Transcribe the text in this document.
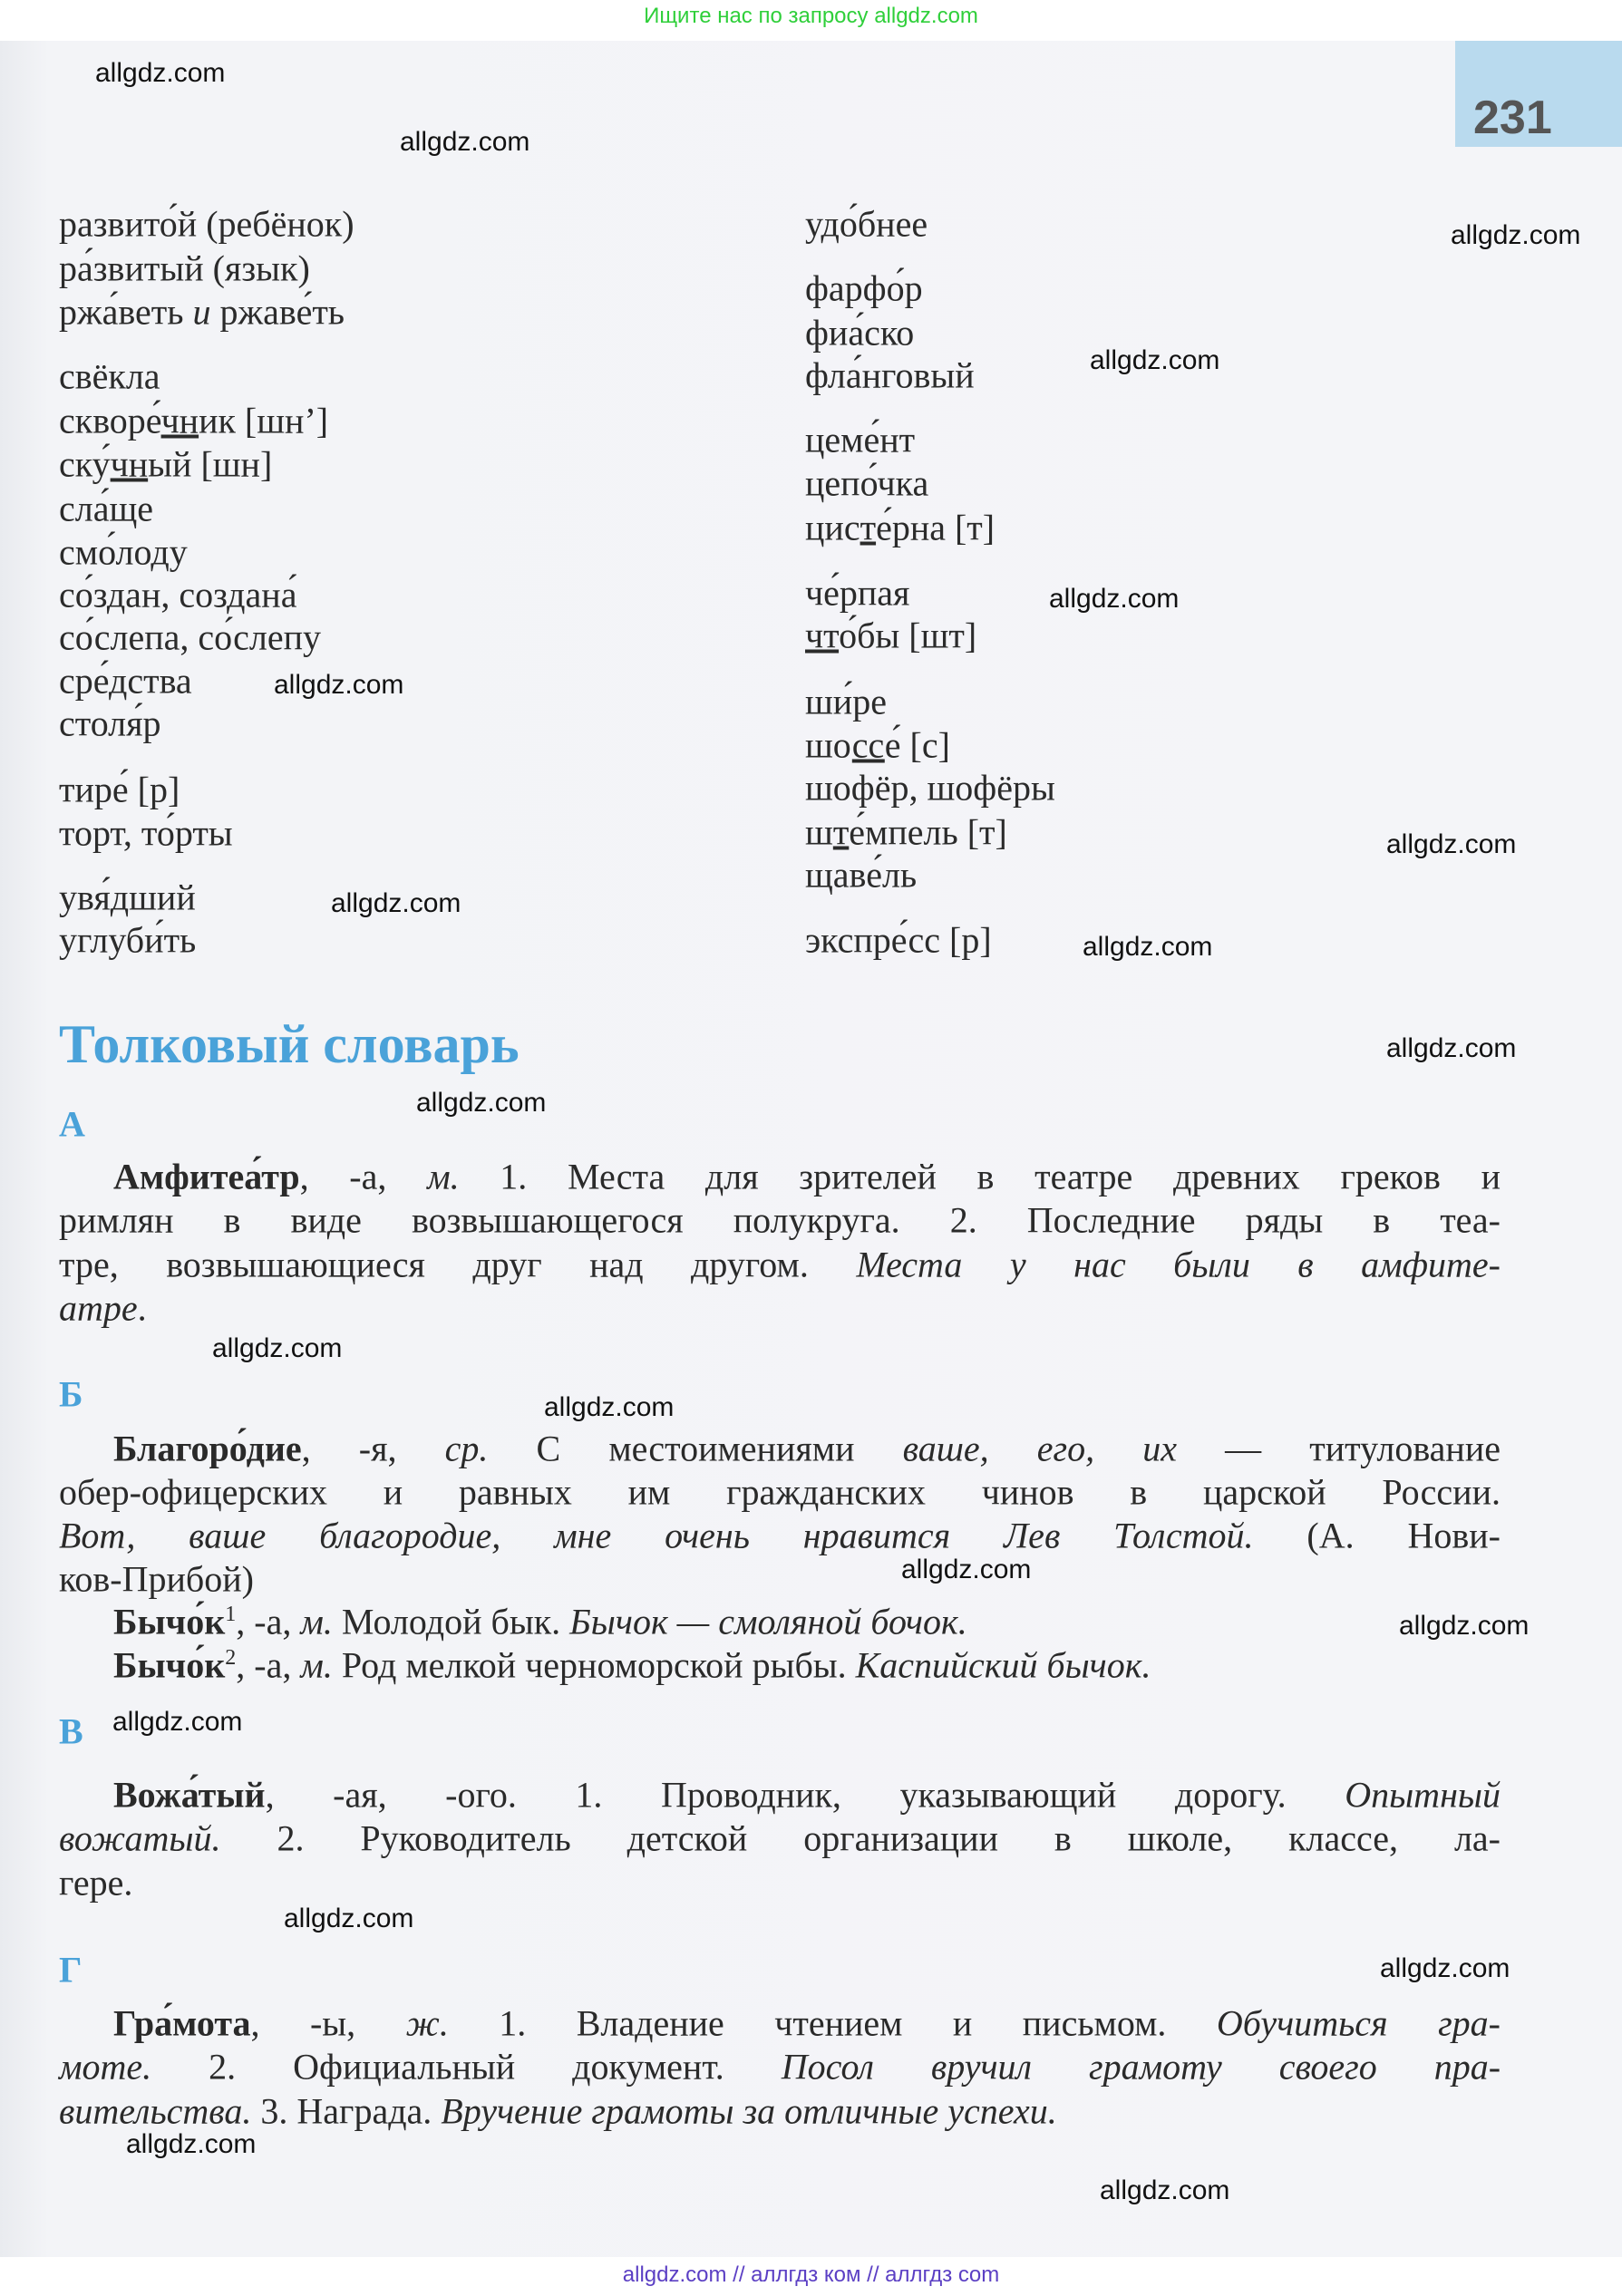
Ищите нас по запросу allgdz.com
231
Толковый словарь
А
Б
В
Г
развито́й (ребёнок)
ра́звитый (язык)
ржа́веть и ржаве́ть
свёкла
скворе́чник [шн’]
ску́чный [шн]
сла́ще
смо́лоду
со́здан, создана́
со́слепа, со́слепу
сре́дства
столя́р
тире́ [р]
торт, то́рты
увя́дший
углуби́ть
удо́бнее
фарфо́р
фиа́ско
фла́нговый
цеме́нт
цепо́чка
цисте́рна [т]
че́рпая
что́бы [шт]
ши́ре
шоссе́ [с]
шофёр, шофёры
ште́мпель [т]
щаве́ль
экспре́сс [р]
Амфитеа́тр, -а, м. 1. Места для зрителей в театре древних греков и
римлян в виде возвышающегося полукруга. 2. Последние ряды в теа-
тре, возвышающиеся друг над другом. Места у нас были в амфите-
атре.
Благоро́дие, -я, ср. С местоимениями ваше, его, их — титулование
обер-офицерских и равных им гражданских чинов в царской России.
Вот, ваше благородие, мне очень нравится Лев Толстой. (А. Нови-
ков-Прибой)
$Бычо́к^1$, -а, м. Молодой бык. Бычок — смоляной бочок.
$Бычо́к^2$, -а, м. Род мелкой черноморской рыбы. Каспийский бычок.
Вожа́тый, -ая, -ого. 1. Проводник, указывающий дорогу. Опытный
вожатый. 2. Руководитель детской организации в школе, классе, ла-
гере.
Гра́мота, -ы, ж. 1. Владение чтением и письмом. Обучиться гра-
моте. 2. Официальный документ. Посол вручил грамоту своего пра-
вительства. 3. Награда. Вручение грамоты за отличные успехи.
allgdz.com
allgdz.com
allgdz.com
allgdz.com
allgdz.com
allgdz.com
allgdz.com
allgdz.com
allgdz.com
allgdz.com
allgdz.com
allgdz.com
allgdz.com
allgdz.com
allgdz.com
allgdz.com
allgdz.com
allgdz.com
allgdz.com
allgdz.com
allgdz.com // аллгдз ком // аллгдз com
